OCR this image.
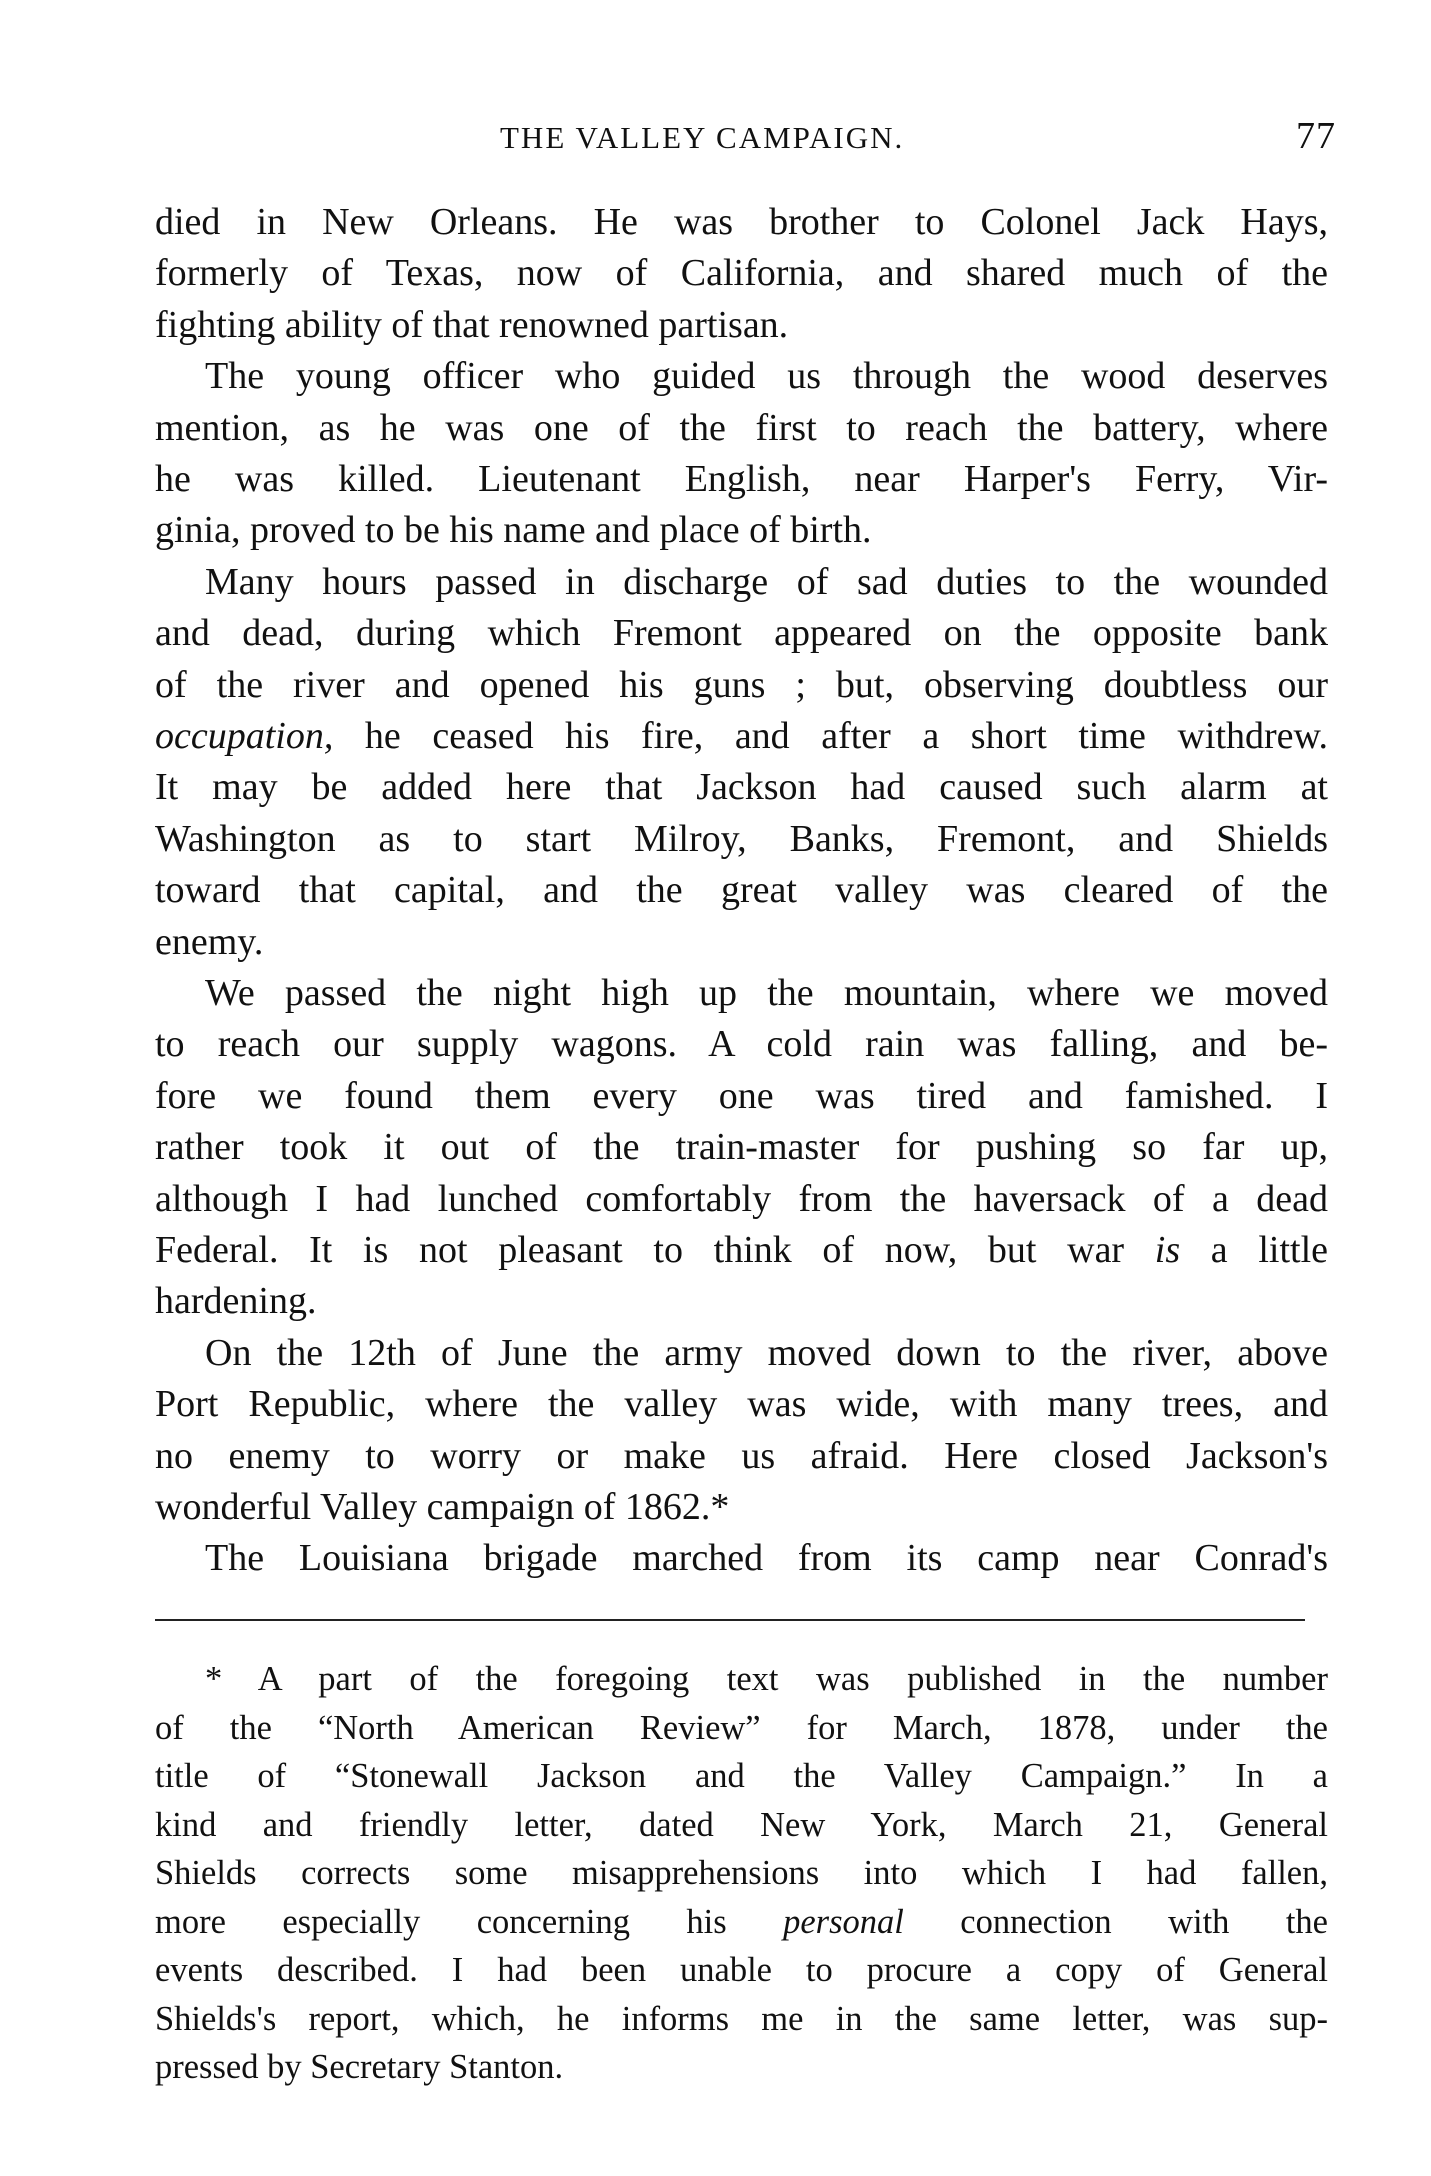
THE VALLEY CAMPAIGN.	77
died in New Orleans. He was brother to Colonel Jack Hays,
formerly of Texas, now of California, and shared much of the
fighting ability of that renowned partisan.
The young officer who guided us through the wood deserves
mention, as he was one of the first to reach the battery, where
he was killed. Lieutenant English, near Harper's Ferry, Vir-
ginia, proved to be his name and place of birth.
Many hours passed in discharge of sad duties to the wounded
and dead, during which Fremont appeared on the opposite bank
of the river and opened his guns ; but, observing doubtless our
occupation, he ceased his fire, and after a short time withdrew.
It may be added here that Jackson had caused such alarm at
Washington as to start Milroy, Banks, Fremont, and Shields
toward that capital, and the great valley was cleared of the
enemy.
We passed the night high up the mountain, where we moved
to reach our supply wagons. A cold rain was falling, and be-
fore we found them every one was tired and famished. I
rather took it out of the train-master for pushing so far up,
although I had lunched comfortably from the haversack of a dead
Federal. It is not pleasant to think of now, but war is a little
hardening.
On the 12th of June the army moved down to the river, above
Port Republic, where the valley was wide, with many trees, and
no enemy to worry or make us afraid. Here closed Jackson's
wonderful Valley campaign of 1862.*
The Louisiana brigade marched from its camp near Conrad's
* A part of the foregoing text was published in the number
of the “North American Review” for March, 1878, under the
title of “Stonewall Jackson and the Valley Campaign.” In a
kind and friendly letter, dated New York, March 21, General
Shields corrects some misapprehensions into which I had fallen,
more especially concerning his personal connection with the
events described. I had been unable to procure a copy of General
Shields's report, which, he informs me in the same letter, was sup-
pressed by Secretary Stanton.
